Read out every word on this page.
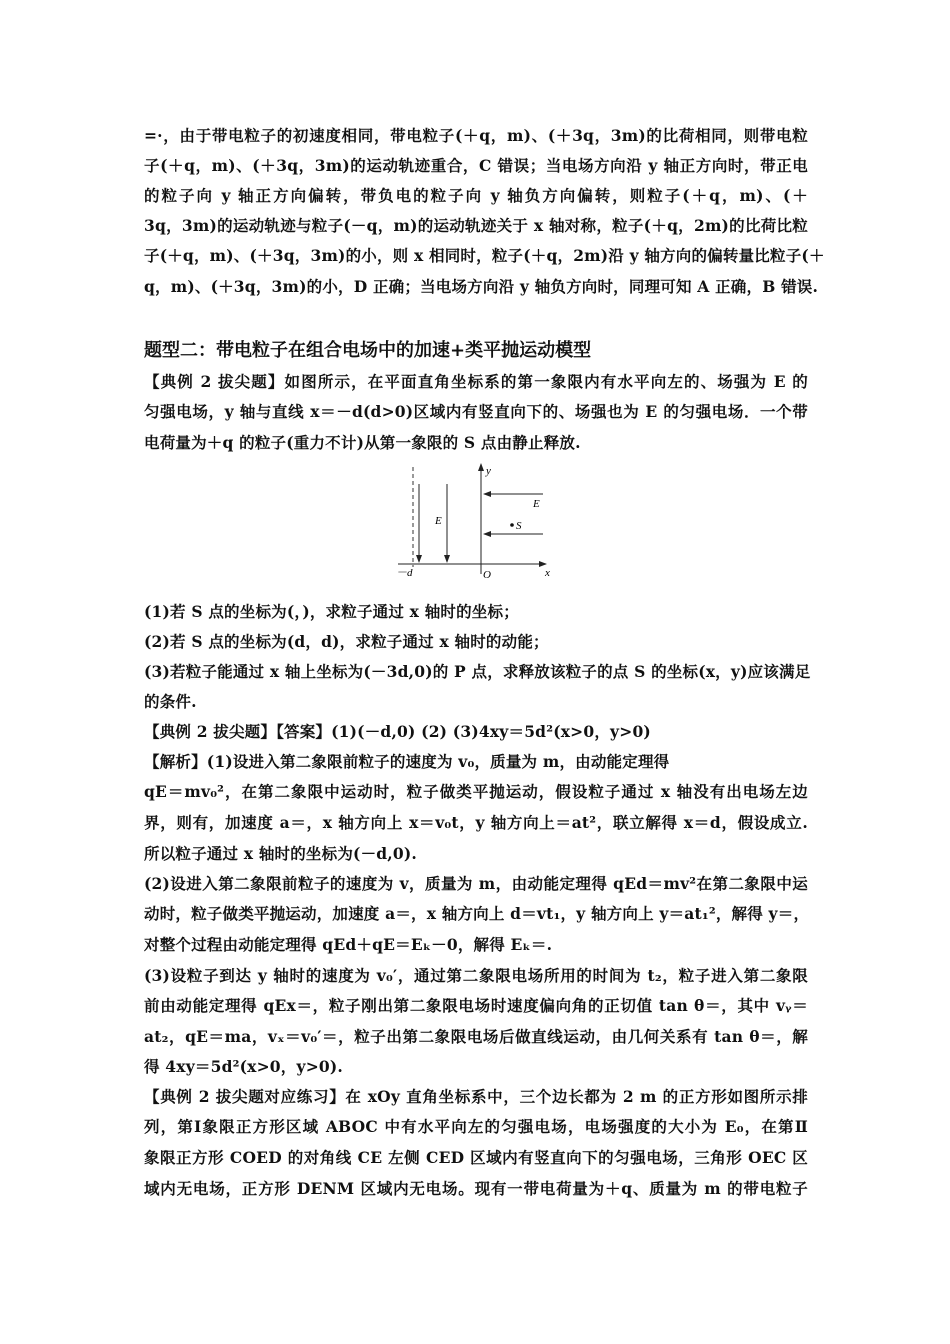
=·，由于带电粒子的初速度相同，带电粒子(＋q，m)、(＋3q，3m)的比荷相同，则带电粒
子(＋q，m)、(＋3q，3m)的运动轨迹重合，C 错误；当电场方向沿 y 轴正方向时，带正电
的粒子向 y 轴正方向偏转，带负电的粒子向 y 轴负方向偏转，则粒子(＋q，m)、(＋
3q，3m)的运动轨迹与粒子(－q，m)的运动轨迹关于 x 轴对称，粒子(＋q，2m)的比荷比粒
子(＋q，m)、(＋3q，3m)的小，则 x 相同时，粒子(＋q，2m)沿 y 轴方向的偏转量比粒子(＋
q，m)、(＋3q，3m)的小，D 正确；当电场方向沿 y 轴负方向时，同理可知 A 正确，B 错误.
题型二：带电粒子在组合电场中的加速+类平抛运动模型
【典例 2 拔尖题】如图所示，在平面直角坐标系的第一象限内有水平向左的、场强为 E 的
匀强电场，y 轴与直线 x＝－d(d>0)区域内有竖直向下的、场强也为 E 的匀强电场．一个带
电荷量为＋q 的粒子(重力不计)从第一象限的 S 点由静止释放.
E
y
x
O
－d
E
S
(1)若 S 点的坐标为(，)，求粒子通过 x 轴时的坐标；
(2)若 S 点的坐标为(d，d)，求粒子通过 x 轴时的动能；
(3)若粒子能通过 x 轴上坐标为(－3d,0)的 P 点，求释放该粒子的点 S 的坐标(x，y)应该满足
的条件.
【典例 2 拔尖题】【答案】(1)(－d,0) (2) (3)4xy＝5d²(x>0，y>0)
【解析】(1)设进入第二象限前粒子的速度为 v₀，质量为 m，由动能定理得
qE＝mv₀²，在第二象限中运动时，粒子做类平抛运动，假设粒子通过 x 轴没有出电场左边
界，则有，加速度 a＝，x 轴方向上 x＝v₀t，y 轴方向上＝at²，联立解得 x＝d，假设成立.
所以粒子通过 x 轴时的坐标为(－d,0).
(2)设进入第二象限前粒子的速度为 v，质量为 m，由动能定理得 qEd＝mv²在第二象限中运
动时，粒子做类平抛运动，加速度 a＝，x 轴方向上 d＝vt₁，y 轴方向上 y＝at₁²，解得 y＝，
对整个过程由动能定理得 qEd＋qE＝Eₖ－0，解得 Eₖ＝.
(3)设粒子到达 y 轴时的速度为 v₀′，通过第二象限电场所用的时间为 t₂，粒子进入第二象限
前由动能定理得 qEx＝，粒子刚出第二象限电场时速度偏向角的正切值 tan θ＝，其中 vᵧ＝
at₂，qE＝ma，vₓ＝v₀′＝，粒子出第二象限电场后做直线运动，由几何关系有 tan θ＝，解
得 4xy＝5d²(x>0，y>0).
【典例 2 拔尖题对应练习】在 xOy 直角坐标系中，三个边长都为 2 m 的正方形如图所示排
列，第Ⅰ象限正方形区域 ABOC 中有水平向左的匀强电场，电场强度的大小为 E₀，在第Ⅱ
象限正方形 COED 的对角线 CE 左侧 CED 区域内有竖直向下的匀强电场，三角形 OEC 区
域内无电场，正方形 DENM 区域内无电场。现有一带电荷量为＋q、质量为 m 的带电粒子
